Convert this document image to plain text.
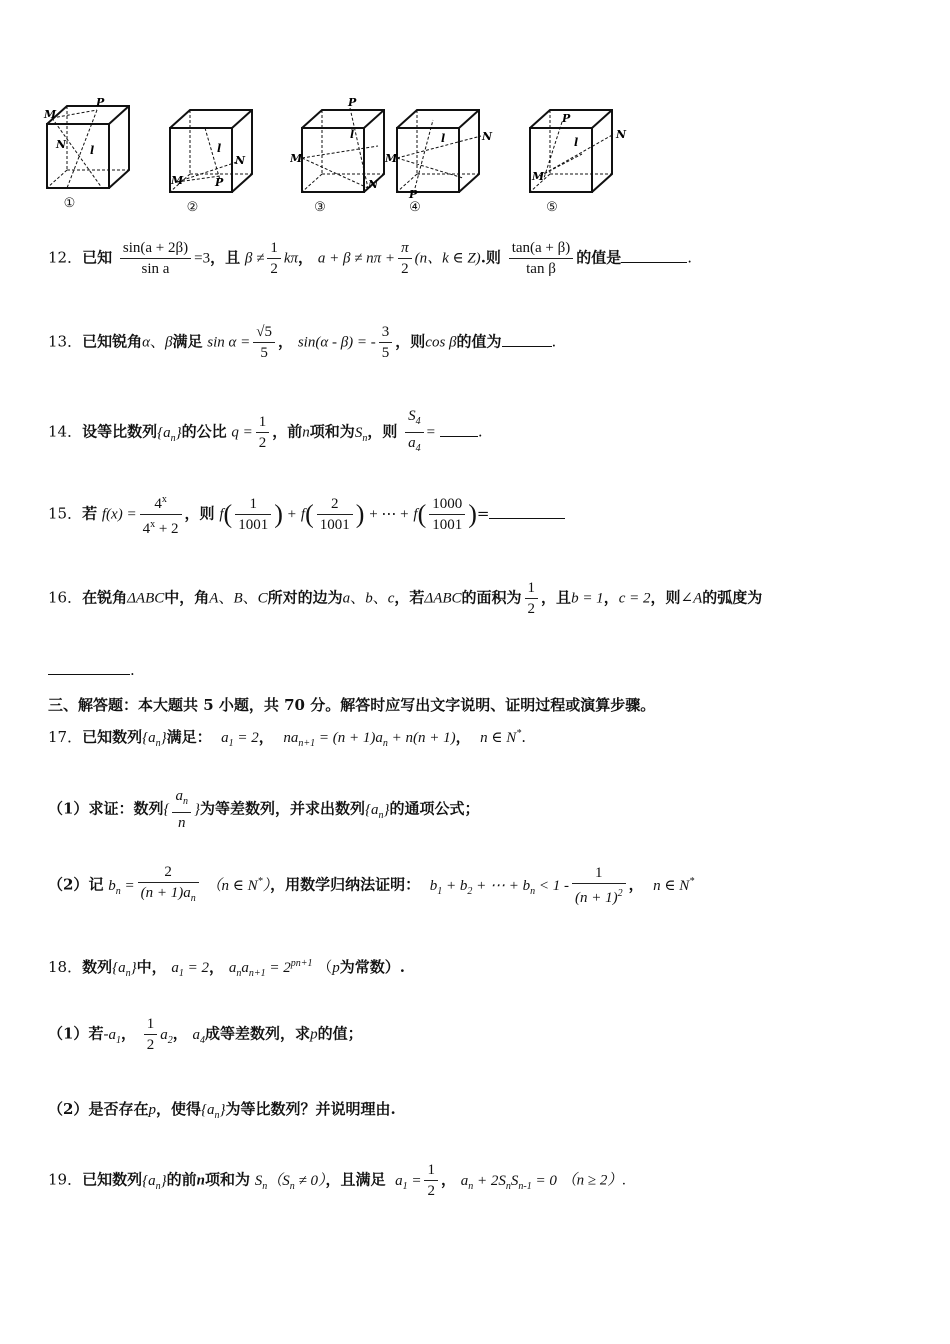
M
P
N l
①
M	P
N
l
②
P
M
N
l
③
M
P
N
l
④
M
P
N
l
⑤
12．已知 $\frac{\sin(a + 2\beta)}{\text{sin a}} =3$，且 $\beta \ne \frac{1}{2}$ kπ， $a + \beta \ne n\pi + \frac{\pi}{2} (n$、k ∈ Z).则 $\frac{\tan(a + \beta)}{\text{tan β}}$ 的值是	.
13．已知锐角α、β满足 $\sin \alpha = \frac{√5}{5}$ ， sin(α - β) = - $\frac{3}{5}$ ，则cos β的值为	.
14．设等比数列$\{a_n\}$的公比 $q = \frac{1}{2}$ ，前n项和为$S_n$，则 $\frac{S_4}{a_4}$ =	.
15．若 $f(x) = \frac{4^x}{4^x + 2}$ ，则 $f( \frac{1}{1001}$ ) + $f( \frac{2}{1001}$ ) + ⋯ + $f( \frac{1000}{1001}$ )=
16．在锐角ΔABC中，角A、B、C所对的边为a、b、c，若ΔABC的面积为 $\frac{1}{2}$ ，且b = 1，c = 2，则∠A的弧度为
.
三、解答题：本大题共 5 小题，共 70 分。解答时应写出文字说明、证明过程或演算步骤。
17．已知数列$\{a_n\}$满足： $a_1 = 2$， $na_{n+1} = (n + 1)a_n + n(n + 1)$， n ∈ N*.
（1）求证：数列{ $\frac{a_n}{n}$ }为等差数列，并求出数列$\{a_n\}$的通项公式；
（2）记 $b_n = \frac{2}{(n + 1)a_n} (n$ ∈ N*），用数学归纳法证明： $b_1 + b_2$ + ⋯ + $b_n < 1 - \frac{1}{(n + 1)^2}$ ， n ∈ N*
18．数列$\{a_n\}$中， $a_1 = 2$， $a_na_{n+1} = 2^{pn+1}$ （p为常数）.
（1）若$-a_1$， $\frac{1}{2} a_2$， $a_4$成等差数列，求p的值；
（2）是否存在p，使得$\{a_n\}$为等比数列？并说明理由.
19．已知数列$\{a_n\}$的前n项和为 $S_n(S_n \ne 0)$，且满足 $a_1 = \frac{1}{2}$ ， $a_n + 2S_nS_{n-1} = 0$ （n ≥ 2）.
